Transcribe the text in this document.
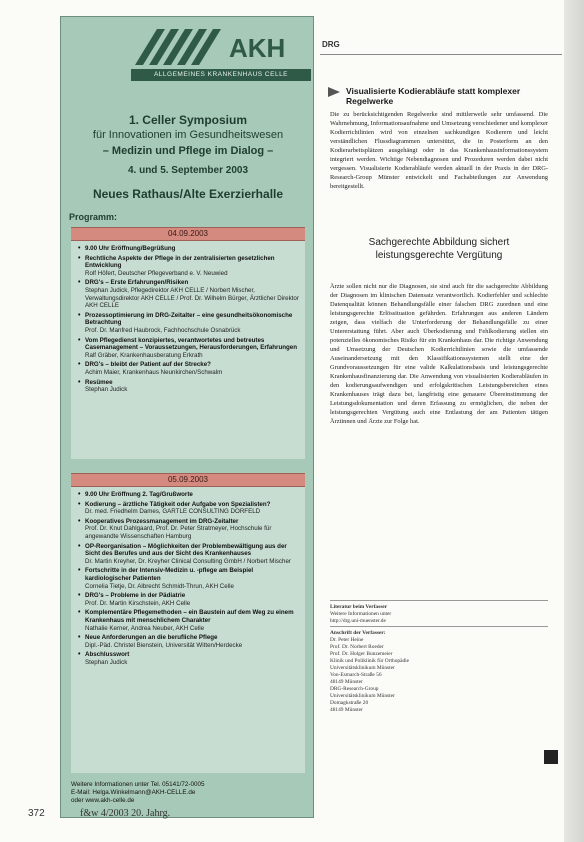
AKH
ALLGEMEINES KRANKENHAUS CELLE
1. Celler Symposium
für Innovationen im Gesundheitswesen
– Medizin und Pflege im Dialog –
4. und 5. September 2003
Neues Rathaus/Alte Exerzierhalle
Programm:
04.09.2003
• 9.00 Uhr Eröffnung/Begrüßung
• Rechtliche Aspekte der Pflege in der zentralisierten gesetzlichen Entwicklung
Rolf Höfert, Deutscher Pflegeverband e. V. Neuwied
• DRG's – Erste Erfahrungen/Risiken
Stephan Judick, Pflegedirektor AKH CELLE / Norbert Mischer, Verwaltungsdirektor AKH CELLE / Prof. Dr. Wilhelm Bürger, Ärztlicher Direktor AKH CELLE
• Prozessoptimierung im DRG-Zeitalter – eine gesundheitsökonomische Betrachtung
Prof. Dr. Manfred Haubrock, Fachhochschule Osnabrück
• Vom Pflegedienst konzipiertes, verantwortetes und betreutes Casemanagement – Voraussetzungen, Herausforderungen, Erfahrungen
Ralf Gräber, Krankenhausberatung Erkrath
• DRG's – bleibt der Patient auf der Strecke?
Achim Maier, Krankenhaus Neunkirchen/Schwalm
• Resümee
Stephan Judick
05.09.2003
• 9.00 Uhr Eröffnung 2. Tag/Grußworte
• Kodierung – ärztliche Tätigkeit oder Aufgabe von Spezialisten?
Dr. med. Friedhelm Dames, GARTLE CONSULTING DORFELD
• Kooperatives Prozessmanagement im DRG-Zeitalter
Prof. Dr. Knut Dahlgaard, Prof. Dr. Peter Stratmeyer, Hochschule für angewandte Wissenschaften Hamburg
• OP-Reorganisation – Möglichkeiten der Problembewältigung aus der Sicht des Berufes und aus der Sicht des Krankenhauses
Dr. Martin Kreyher, Dr. Kreyher Clinical Consulting GmbH / Norbert Mischer
• Fortschritte in der Intensiv-Medizin u. -pflege am Beispiel kardiologischer Patienten
Cornelia Tietje, Dr. Albrecht Schmidt-Thrun, AKH Celle
• DRG's – Probleme in der Pädiatrie
Prof. Dr. Martin Kirschstein, AKH Celle
• Komplementäre Pflegemethoden – ein Baustein auf dem Weg zu einem Krankenhaus mit menschlichem Charakter
Nathalie Kerner, Andrea Neuber, AKH Celle
• Neue Anforderungen an die berufliche Pflege
Dipl.-Päd. Christel Bienstein, Universität Witten/Herdecke
• Abschlusswort
Stephan Judick
Weitere Informationen unter Tel. 05141/72-0005
E-Mail: Helga.Winkelmann@AKH-CELLE.de
oder www.akh-celle.de
DRG
Visualisierte Kodierabläufe statt komplexer Regelwerke
Die zu berücksichtigenden Regelwerke sind mittlerweile sehr umfassend. Die Wahrnehmung, Informationsaufnahme und Umsetzung verschiedener und komplexer Kodierrichtlinien wird von einzelnen sachkundigen Kodierern und leicht verständlichen Flussdiagrammen unterstützt, die in Posterform an den Kodierarbeitsplätzen ausgehängt oder in das Krankenhausinformationssystem integriert werden. Wichtige Nebendiagnosen und Prozeduren werden dabei nicht vergessen. Visualisierte Kodierabläufe werden aktuell in der Praxis in der DRG-Research-Group Münster entwickelt und Fachabteilungen zur Anwendung bereitgestellt.
Sachgerechte Abbildung sichert leistungsgerechte Vergütung
Ärzte sollen nicht nur die Diagnosen, sie sind auch für die sachgerechte Abbildung der Diagnosen im klinischen Datensatz verantwortlich. Kodierfehler und schlechte Datenqualität können Behandlungsfälle einer falschen DRG zuordnen und eine leistungsgerechte Erlössituation gefährden. Erfahrungen aus anderen Ländern zeigen, dass vielfach die Unterforderung der Behandlungsfälle zu einer Untererstattung führt. Aber auch Überkodierung und Fehlkodierung stellen ein potenzielles ökonomisches Risiko für ein Krankenhaus dar. Die richtige Anwendung und Umsetzung der Deutschen Kodierrichtlinien sowie die umfassende Auseinandersetzung mit den Klassifikationssystemen stellt eine der Grundvoraussetzungen für eine valide Kalkulationsbasis und leistungsgerechte Krankenhausfinanzierung dar. Die Anwendung von visualisierten Kodierabläufen in den kodierungsaufwendigen und erfolgskritischen Leistungsbereichen eines Krankenhauses trägt dazu bei, langfristig eine genauere Übereinstimmung der Leistungsdokumentation und deren Erfassung zu ermöglichen, die neben der leistungsgerechten Vergütung auch eine Entlastung der am Patienten tätigen Ärztinnen und Ärzte zur Folge hat.
Literatur beim Verfasser
Weitere Informationen unter
http://drg.uni-muenster.de
Anschrift der Verfasser:
Dr. Peter Heine
Prof. Dr. Norbert Roeder
Prof. Dr. Holger Bunzemeier
Klinik und Poliklinik für Orthopädie
Universitätsklinikum Münster
Von-Esmarch-Straße 56
48149 Münster
DRG-Research-Group
Universitätsklinikum Münster
Domagkstraße 20
48149 Münster
372	f&w 4/2003 20. Jahrg.
